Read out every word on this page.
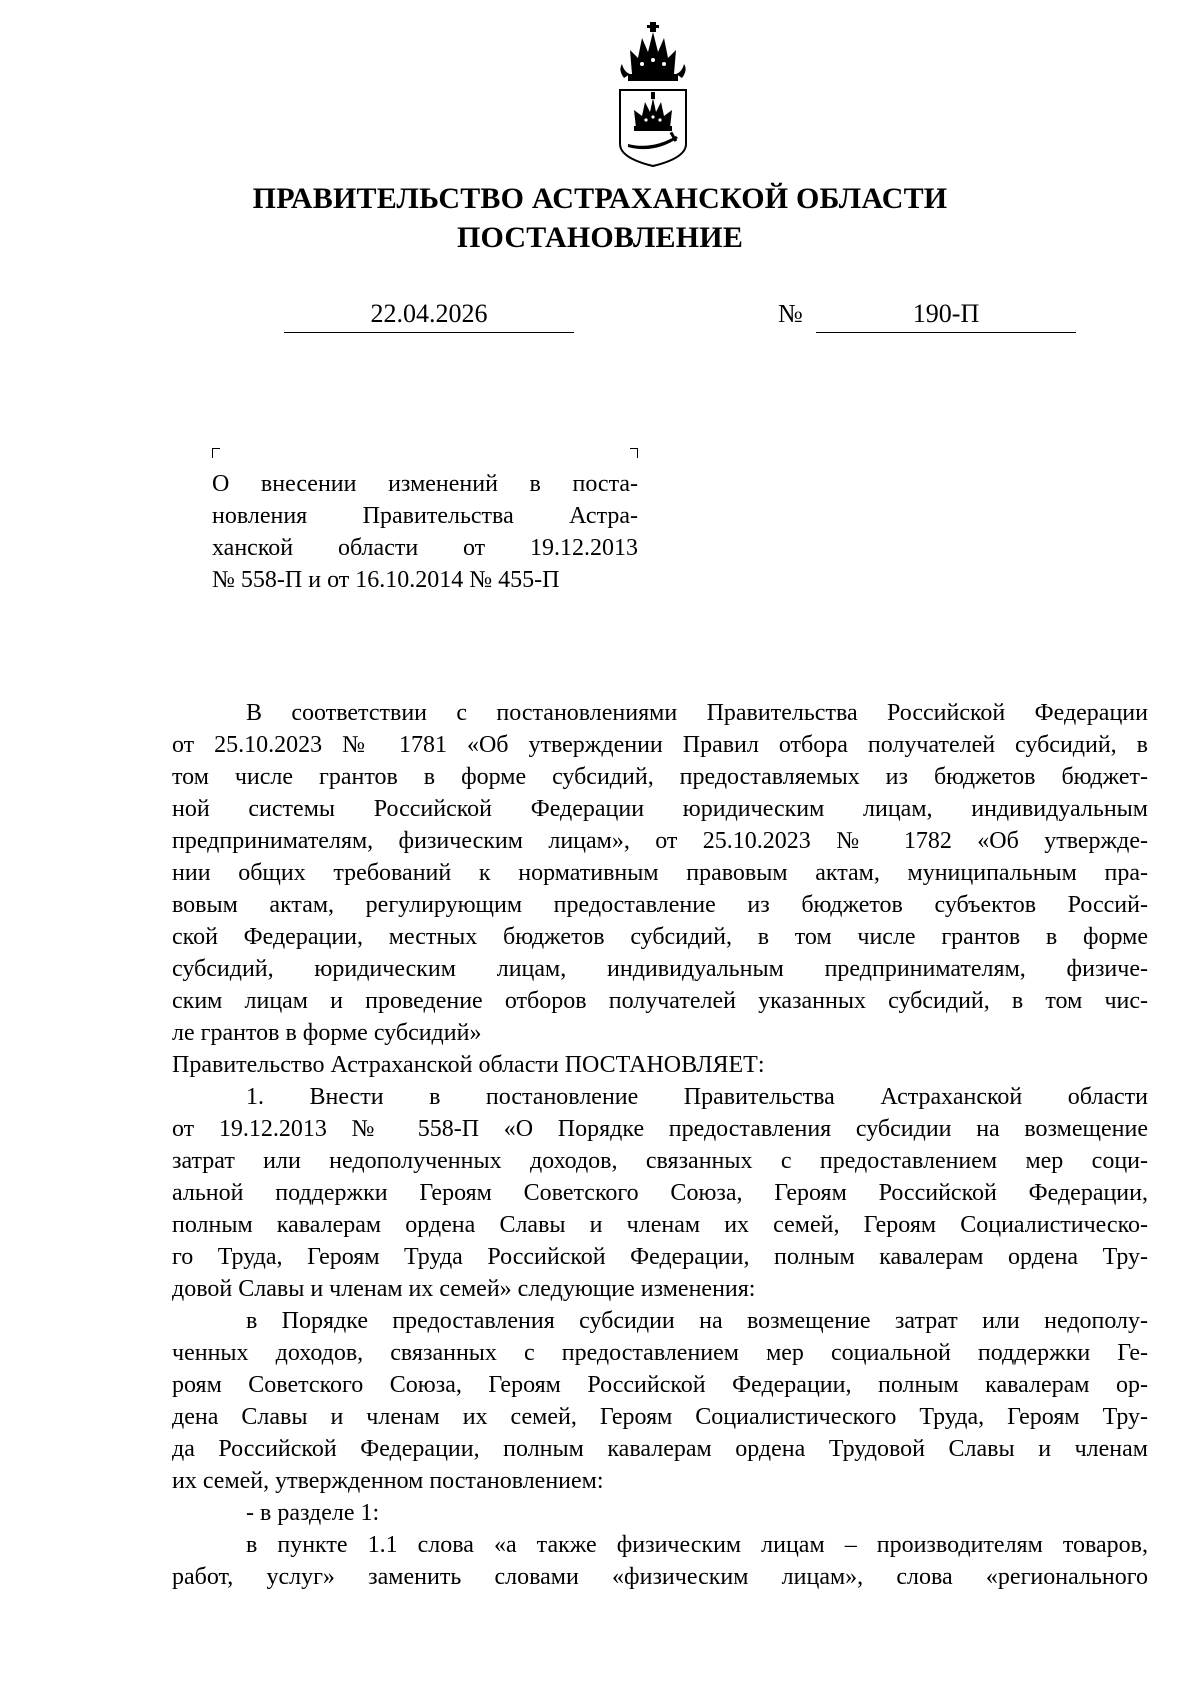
ПРАВИТЕЛЬСТВО АСТРАХАНСКОЙ ОБЛАСТИ
ПОСТАНОВЛЕНИЕ
22.04.2026	№	190-П
О внесении изменений в поста-
новления Правительства Астра-
ханской области от 19.12.2013
№ 558-П и от 16.10.2014 № 455-П
В соответствии с постановлениями Правительства Российской Федерации
от 25.10.2023 № 1781 «Об утверждении Правил отбора получателей субсидий, в
том числе грантов в форме субсидий, предоставляемых из бюджетов бюджет-
ной системы Российской Федерации юридическим лицам, индивидуальным
предпринимателям, физическим лицам», от 25.10.2023 № 1782 «Об утвержде-
нии общих требований к нормативным правовым актам, муниципальным пра-
вовым актам, регулирующим предоставление из бюджетов субъектов Россий-
ской Федерации, местных бюджетов субсидий, в том числе грантов в форме
субсидий, юридическим лицам, индивидуальным предпринимателям, физиче-
ским лицам и проведение отборов получателей указанных субсидий, в том чис-
ле грантов в форме субсидий»
Правительство Астраханской области ПОСТАНОВЛЯЕТ:
1. Внести в постановление Правительства Астраханской области
от 19.12.2013 № 558-П «О Порядке предоставления субсидии на возмещение
затрат или недополученных доходов, связанных с предоставлением мер соци-
альной поддержки Героям Советского Союза, Героям Российской Федерации,
полным кавалерам ордена Славы и членам их семей, Героям Социалистическо-
го Труда, Героям Труда Российской Федерации, полным кавалерам ордена Тру-
довой Славы и членам их семей» следующие изменения:
в Порядке предоставления субсидии на возмещение затрат или недополу-
ченных доходов, связанных с предоставлением мер социальной поддержки Ге-
роям Советского Союза, Героям Российской Федерации, полным кавалерам ор-
дена Славы и членам их семей, Героям Социалистического Труда, Героям Тру-
да Российской Федерации, полным кавалерам ордена Трудовой Славы и членам
их семей, утвержденном постановлением:
- в разделе 1:
в пункте 1.1 слова «а также физическим лицам – производителям товаров,
работ, услуг» заменить словами «физическим лицам», слова «регионального
